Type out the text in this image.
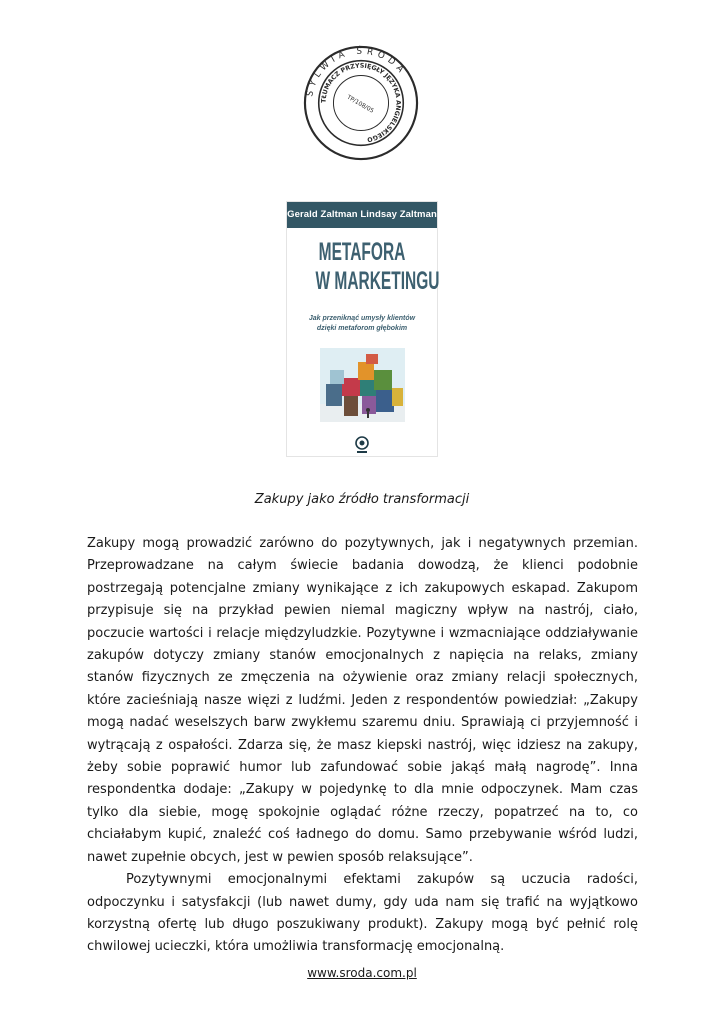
SYLWIA ŚRODA
TŁUMACZ PRZYSIĘGŁY JĘZYKA ANGIELSKIEGO
TP/108/05
Gerald Zaltman Lindsay Zaltman
METAFORA
W MARKETINGU
Jak przeniknąć umysły klientów
dzięki metaforom głębokim
Zakupy jako źródło transformacji

Zakupy mogą prowadzić zarówno do pozytywnych, jak i negatywnych przemian. Przeprowadzane na całym świecie badania dowodzą, że klienci podobnie postrzegają potencjalne zmiany wynikające z ich zakupowych eskapad. Zakupom przypisuje się na przykład pewien niemal magiczny wpływ na nastrój, ciało, poczucie wartości i relacje międzyludzkie. Pozytywne i wzmacniające oddziaływanie zakupów dotyczy zmiany stanów emocjonalnych z napięcia na relaks, zmiany stanów fizycznych ze zmęczenia na ożywienie oraz zmiany relacji społecznych, które zacieśniają nasze więzi z ludźmi. Jeden z respondentów powiedział: „Zakupy mogą nadać weselszych barw zwykłemu szaremu dniu. Sprawiają ci przyjemność i wytrącają z ospałości. Zdarza się, że masz kiepski nastrój, więc idziesz na zakupy, żeby sobie poprawić humor lub zafundować sobie jakąś małą nagrodę”. Inna respondentka dodaje: „Zakupy w pojedynkę to dla mnie odpoczynek. Mam czas tylko dla siebie, mogę spokojnie oglądać różne rzeczy, popatrzeć na to, co chciałabym kupić, znaleźć coś ładnego do domu. Samo przebywanie wśród ludzi, nawet zupełnie obcych, jest w pewien sposób relaksujące”.

Pozytywnymi emocjonalnymi efektami zakupów są uczucia radości, odpoczynku i satysfakcji (lub nawet dumy, gdy uda nam się trafić na wyjątkowo korzystną ofertę lub długo poszukiwany produkt). Zakupy mogą być pełnić rolę chwilowej ucieczki, która umożliwia transformację emocjonalną.

www.sroda.com.pl
